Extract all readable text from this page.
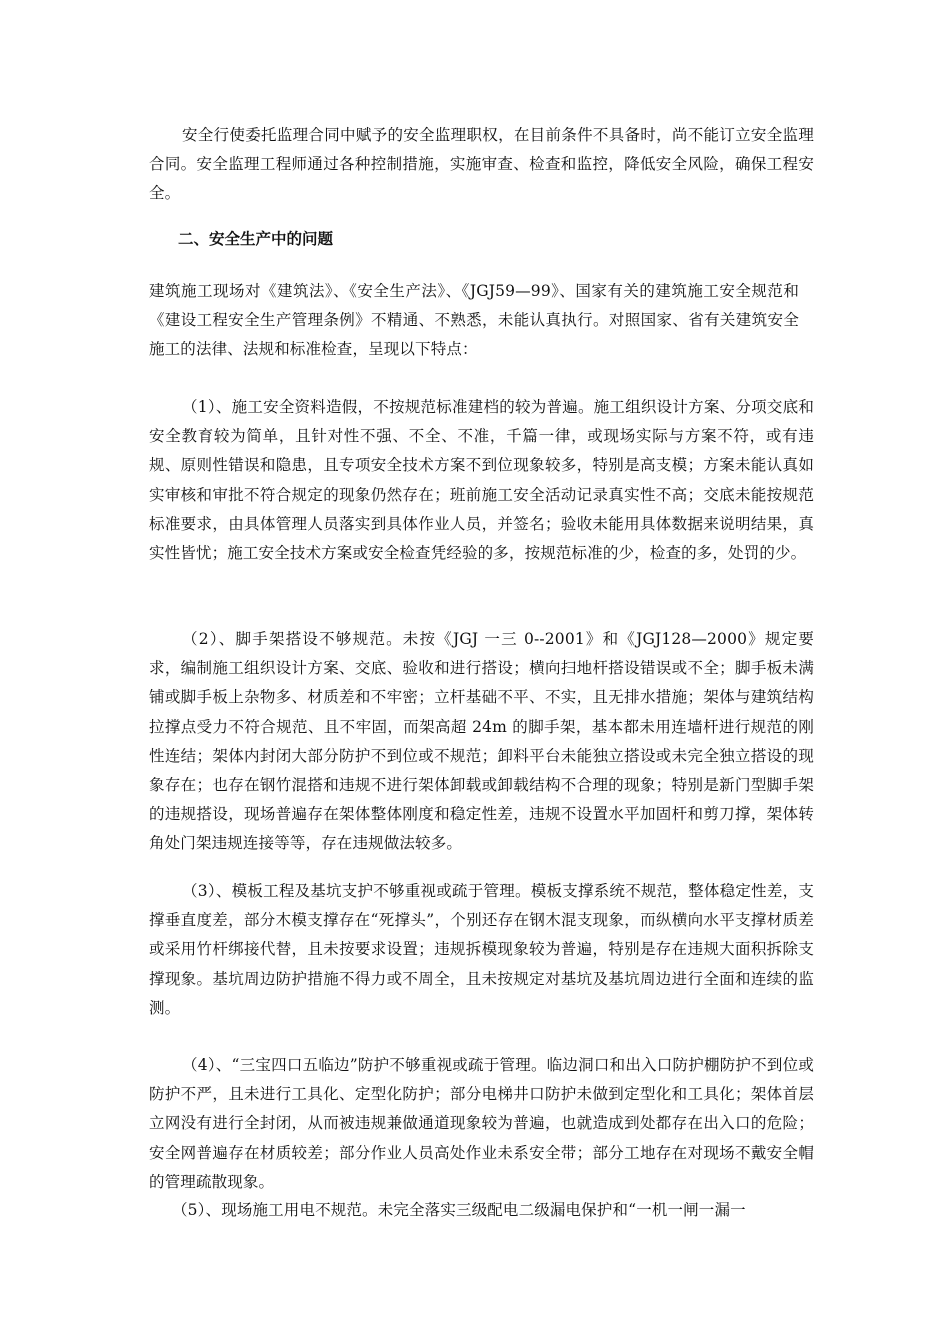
安全行使委托监理合同中赋予的安全监理职权，在目前条件不具备时，尚不能订立安全监理合同。安全监理工程师通过各种控制措施，实施审查、检查和监控，降低安全风险，确保工程安全。

二、安全生产中的问题

建筑施工现场对《建筑法》、《安全生产法》、《JGJ59—99》、国家有关的建筑施工安全规范和《建设工程安全生产管理条例》不精通、不熟悉，未能认真执行。对照国家、省有关建筑安全施工的法律、法规和标准检查，呈现以下特点：

（1）、施工安全资料造假，不按规范标准建档的较为普遍。施工组织设计方案、分项交底和安全教育较为简单，且针对性不强、不全、不准，千篇一律，或现场实际与方案不符，或有违规、原则性错误和隐患，且专项安全技术方案不到位现象较多，特别是高支模；方案未能认真如实审核和审批不符合规定的现象仍然存在；班前施工安全活动记录真实性不高；交底未能按规范标准要求，由具体管理人员落实到具体作业人员，并签名；验收未能用具体数据来说明结果，真实性皆忧；施工安全技术方案或安全检查凭经验的多，按规范标准的少，检查的多，处罚的少。

（2）、脚手架搭设不够规范。未按《JGJ 一三 0--2001》和《JGJ128—2000》规定要求，编制施工组织设计方案、交底、验收和进行搭设；横向扫地杆搭设错误或不全；脚手板未满铺或脚手板上杂物多、材质差和不牢密；立杆基础不平、不实，且无排水措施；架体与建筑结构拉撑点受力不符合规范、且不牢固，而架高超 24m 的脚手架，基本都未用连墙杆进行规范的刚性连结；架体内封闭大部分防护不到位或不规范；卸料平台未能独立搭设或未完全独立搭设的现象存在；也存在钢竹混搭和违规不进行架体卸载或卸载结构不合理的现象；特别是新门型脚手架的违规搭设，现场普遍存在架体整体刚度和稳定性差，违规不设置水平加固杆和剪刀撑，架体转角处门架违规连接等等，存在违规做法较多。

（3）、模板工程及基坑支护不够重视或疏于管理。模板支撑系统不规范，整体稳定性差，支撑垂直度差，部分木模支撑存在“死撑头”，个别还存在钢木混支现象，而纵横向水平支撑材质差或采用竹杆绑接代替，且未按要求设置；违规拆模现象较为普遍，特别是存在违规大面积拆除支撑现象。基坑周边防护措施不得力或不周全，且未按规定对基坑及基坑周边进行全面和连续的监测。

（4）、“三宝四口五临边”防护不够重视或疏于管理。临边洞口和出入口防护棚防护不到位或防护不严，且未进行工具化、定型化防护；部分电梯井口防护未做到定型化和工具化；架体首层立网没有进行全封闭，从而被违规兼做通道现象较为普遍，也就造成到处都存在出入口的危险；安全网普遍存在材质较差；部分作业人员高处作业未系安全带；部分工地存在对现场不戴安全帽的管理疏散现象。

（5）、现场施工用电不规范。未完全落实三级配电二级漏电保护和“一机一闸一漏一
